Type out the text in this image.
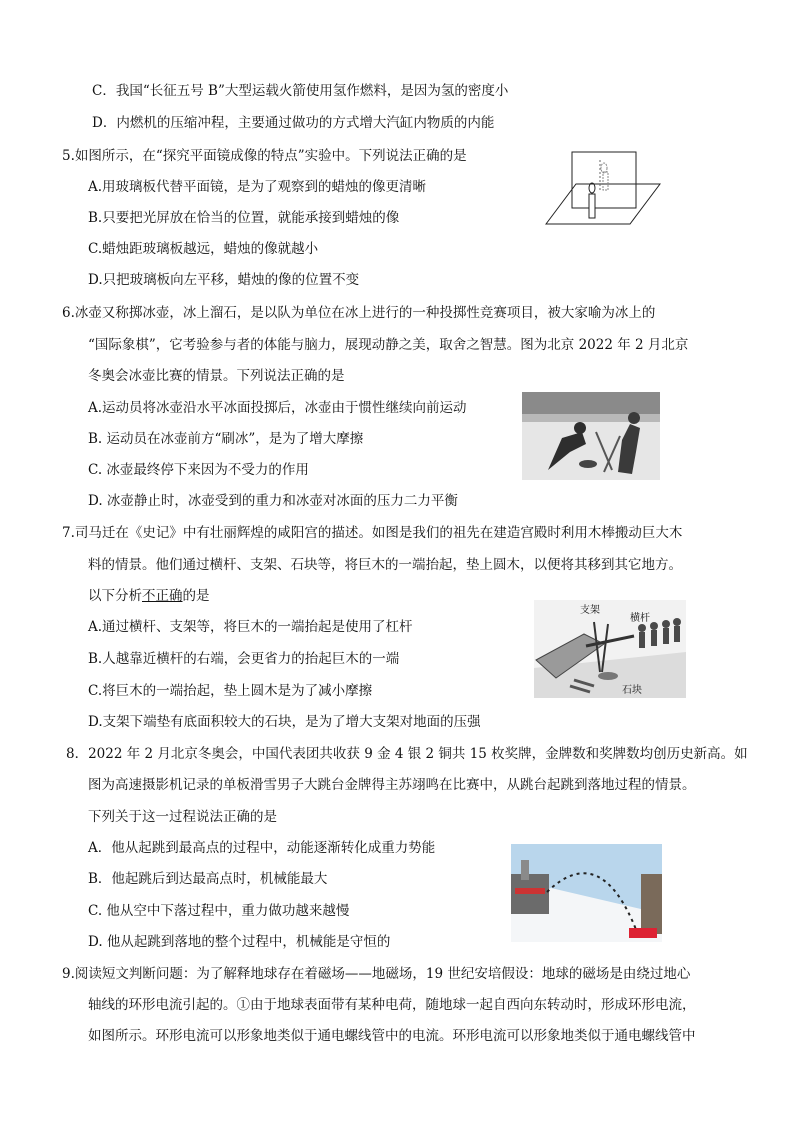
C．我国“长征五号 B”大型运载火箭使用氢作燃料，是因为氢的密度小
D．内燃机的压缩冲程，主要通过做功的方式增大汽缸内物质的内能
5.如图所示，在“探究平面镜成像的特点”实验中。下列说法正确的是
A.用玻璃板代替平面镜，是为了观察到的蜡烛的像更清晰
B.只要把光屏放在恰当的位置，就能承接到蜡烛的像
C.蜡烛距玻璃板越远，蜡烛的像就越小
D.只把玻璃板向左平移，蜡烛的像的位置不变
6.冰壶又称掷冰壶，冰上溜石，是以队为单位在冰上进行的一种投掷性竞赛项目，被大家喻为冰上的
“国际象棋”，它考验参与者的体能与脑力，展现动静之美，取舍之智慧。图为北京 2022 年 2 月北京
冬奥会冰壶比赛的情景。下列说法正确的是
A.运动员将冰壶沿水平冰面投掷后，冰壶由于惯性继续向前运动
B. 运动员在冰壶前方“刷冰”，是为了增大摩擦
C. 冰壶最终停下来因为不受力的作用
D. 冰壶静止时，冰壶受到的重力和冰壶对冰面的压力二力平衡
7.司马迁在《史记》中有壮丽辉煌的咸阳宫的描述。如图是我们的祖先在建造宫殿时利用木棒搬动巨大木
料的情景。他们通过横杆、支架、石块等，将巨木的一端抬起，垫上圆木，以便将其移到其它地方。
以下分析不正确的是
A.通过横杆、支架等，将巨木的一端抬起是使用了杠杆
B.人越靠近横杆的右端，会更省力的抬起巨木的一端
C.将巨木的一端抬起，垫上圆木是为了减小摩擦
D.支架下端垫有底面积较大的石块，是为了增大支架对地面的压强
支架
横杆
石块
8．2022 年 2 月北京冬奥会，中国代表团共收获 9 金 4 银 2 铜共 15 枚奖牌，金牌数和奖牌数均创历史新高。如
图为高速摄影机记录的单板滑雪男子大跳台金牌得主苏翊鸣在比赛中，从跳台起跳到落地过程的情景。
下列关于这一过程说法正确的是
A．他从起跳到最高点的过程中，动能逐渐转化成重力势能
B．他起跳后到达最高点时，机械能最大
C. 他从空中下落过程中，重力做功越来越慢
D. 他从起跳到落地的整个过程中，机械能是守恒的
9.阅读短文判断问题：为了解释地球存在着磁场——地磁场，19 世纪安培假设：地球的磁场是由绕过地心
轴线的环形电流引起的。①由于地球表面带有某种电荷，随地球一起自西向东转动时，形成环形电流，
如图所示。环形电流可以形象地类似于通电螺线管中的电流。环形电流可以形象地类似于通电螺线管中
